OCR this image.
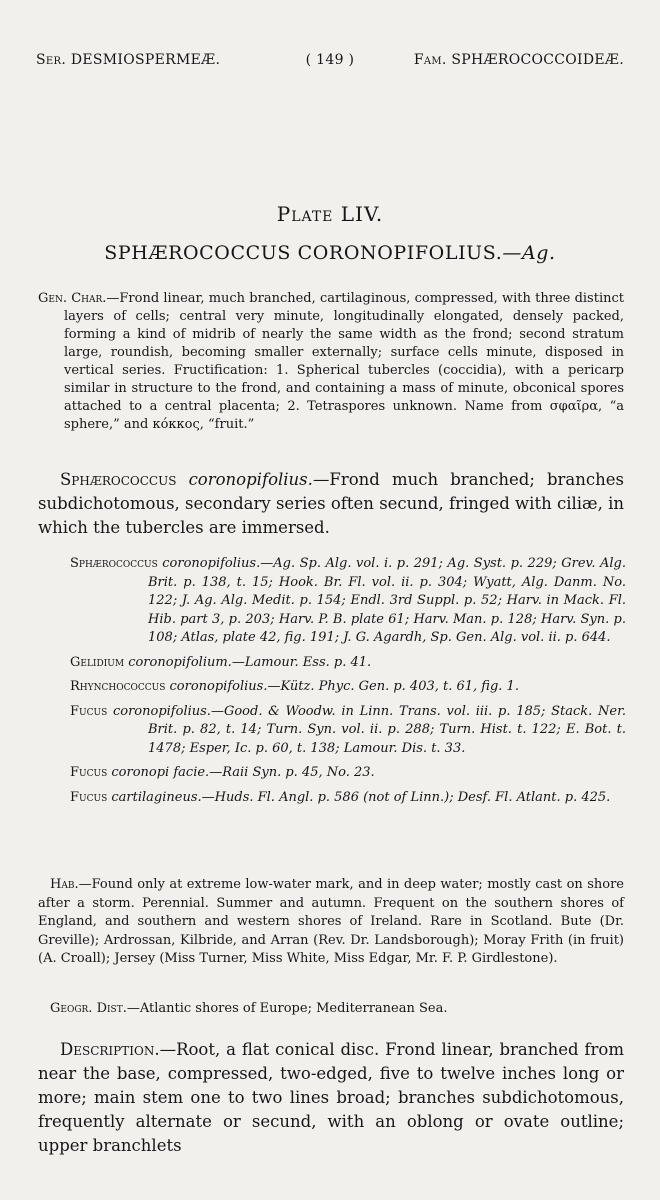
Ser. DESMIOSPERMEÆ.	( 149 )	Fam. SPHÆROCOCCOIDEÆ.
Plate LIV.
SPHÆROCOCCUS CORONOPIFOLIUS.—Ag.
Gen. Char.—Frond linear, much branched, cartilaginous, compressed, with three distinct layers of cells; central very minute, longitudinally elongated, densely packed, forming a kind of midrib of nearly the same width as the frond; second stratum large, roundish, becoming smaller externally; surface cells minute, disposed in vertical series. Fructification: 1. Spherical tubercles (coccidia), with a pericarp similar in structure to the frond, and containing a mass of minute, obconical spores attached to a central placenta; 2. Tetraspores unknown. Name from σφαῖρα, “a sphere,” and κόκκος, “fruit.”
Sphærococcus coronopifolius.—Frond much branched; branches subdichotomous, secondary series often secund, fringed with ciliæ, in which the tubercles are immersed.
Sphærococcus coronopifolius.—Ag. Sp. Alg. vol. i. p. 291; Ag. Syst. p. 229; Grev. Alg. Brit. p. 138, t. 15; Hook. Br. Fl. vol. ii. p. 304; Wyatt, Alg. Danm. No. 122; J. Ag. Alg. Medit. p. 154; Endl. 3rd Suppl. p. 52; Harv. in Mack. Fl. Hib. part 3, p. 203; Harv. P. B. plate 61; Harv. Man. p. 128; Harv. Syn. p. 108; Atlas, plate 42, fig. 191; J. G. Agardh, Sp. Gen. Alg. vol. ii. p. 644.
Gelidium coronopifolium.—Lamour. Ess. p. 41.
Rhynchococcus coronopifolius.—Kütz. Phyc. Gen. p. 403, t. 61, fig. 1.
Fucus coronopifolius.—Good. & Woodw. in Linn. Trans. vol. iii. p. 185; Stack. Ner. Brit. p. 82, t. 14; Turn. Syn. vol. ii. p. 288; Turn. Hist. t. 122; E. Bot. t. 1478; Esper, Ic. p. 60, t. 138; Lamour. Dis. t. 33.
Fucus coronopi facie.—Raii Syn. p. 45, No. 23.
Fucus cartilagineus.—Huds. Fl. Angl. p. 586 (not of Linn.); Desf. Fl. Atlant. p. 425.
Hab.—Found only at extreme low-water mark, and in deep water; mostly cast on shore after a storm. Perennial. Summer and autumn. Frequent on the southern shores of England, and southern and western shores of Ireland. Rare in Scotland. Bute (Dr. Greville); Ardrossan, Kilbride, and Arran (Rev. Dr. Landsborough); Moray Frith (in fruit) (A. Croall); Jersey (Miss Turner, Miss White, Miss Edgar, Mr. F. P. Girdlestone).
Geogr. Dist.—Atlantic shores of Europe; Mediterranean Sea.
Description.—Root, a flat conical disc. Frond linear, branched from near the base, compressed, two-edged, five to twelve inches long or more; main stem one to two lines broad; branches subdichotomous, frequently alternate or secund, with an oblong or ovate outline; upper branchlets
